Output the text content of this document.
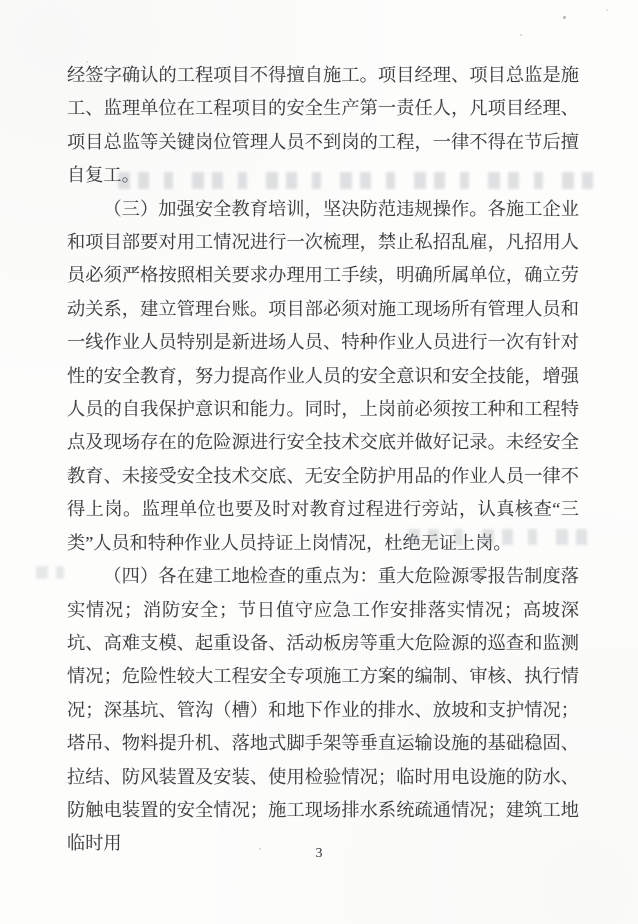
经签字确认的工程项目不得擅自施工。项目经理、项目总监是施工、监理单位在工程项目的安全生产第一责任人，凡项目经理、项目总监等关键岗位管理人员不到岗的工程，一律不得在节后擅自复工。

（三）加强安全教育培训，坚决防范违规操作。各施工企业和项目部要对用工情况进行一次梳理，禁止私招乱雇，凡招用人员必须严格按照相关要求办理用工手续，明确所属单位，确立劳动关系，建立管理台账。项目部必须对施工现场所有管理人员和一线作业人员特别是新进场人员、特种作业人员进行一次有针对性的安全教育，努力提高作业人员的安全意识和安全技能，增强人员的自我保护意识和能力。同时，上岗前必须按工种和工程特点及现场存在的危险源进行安全技术交底并做好记录。未经安全教育、未接受安全技术交底、无安全防护用品的作业人员一律不得上岗。监理单位也要及时对教育过程进行旁站，认真核查“三类”人员和特种作业人员持证上岗情况，杜绝无证上岗。

（四）各在建工地检查的重点为：重大危险源零报告制度落实情况；消防安全；节日值守应急工作安排落实情况；高坡深坑、高难支模、起重设备、活动板房等重大危险源的巡查和监测情况；危险性较大工程安全专项施工方案的编制、审核、执行情况；深基坑、管沟（槽）和地下作业的排水、放坡和支护情况；塔吊、物料提升机、落地式脚手架等垂直运输设施的基础稳固、拉结、防风装置及安装、使用检验情况；临时用电设施的防水、防触电装置的安全情况；施工现场排水系统疏通情况；建筑工地临时用

3
